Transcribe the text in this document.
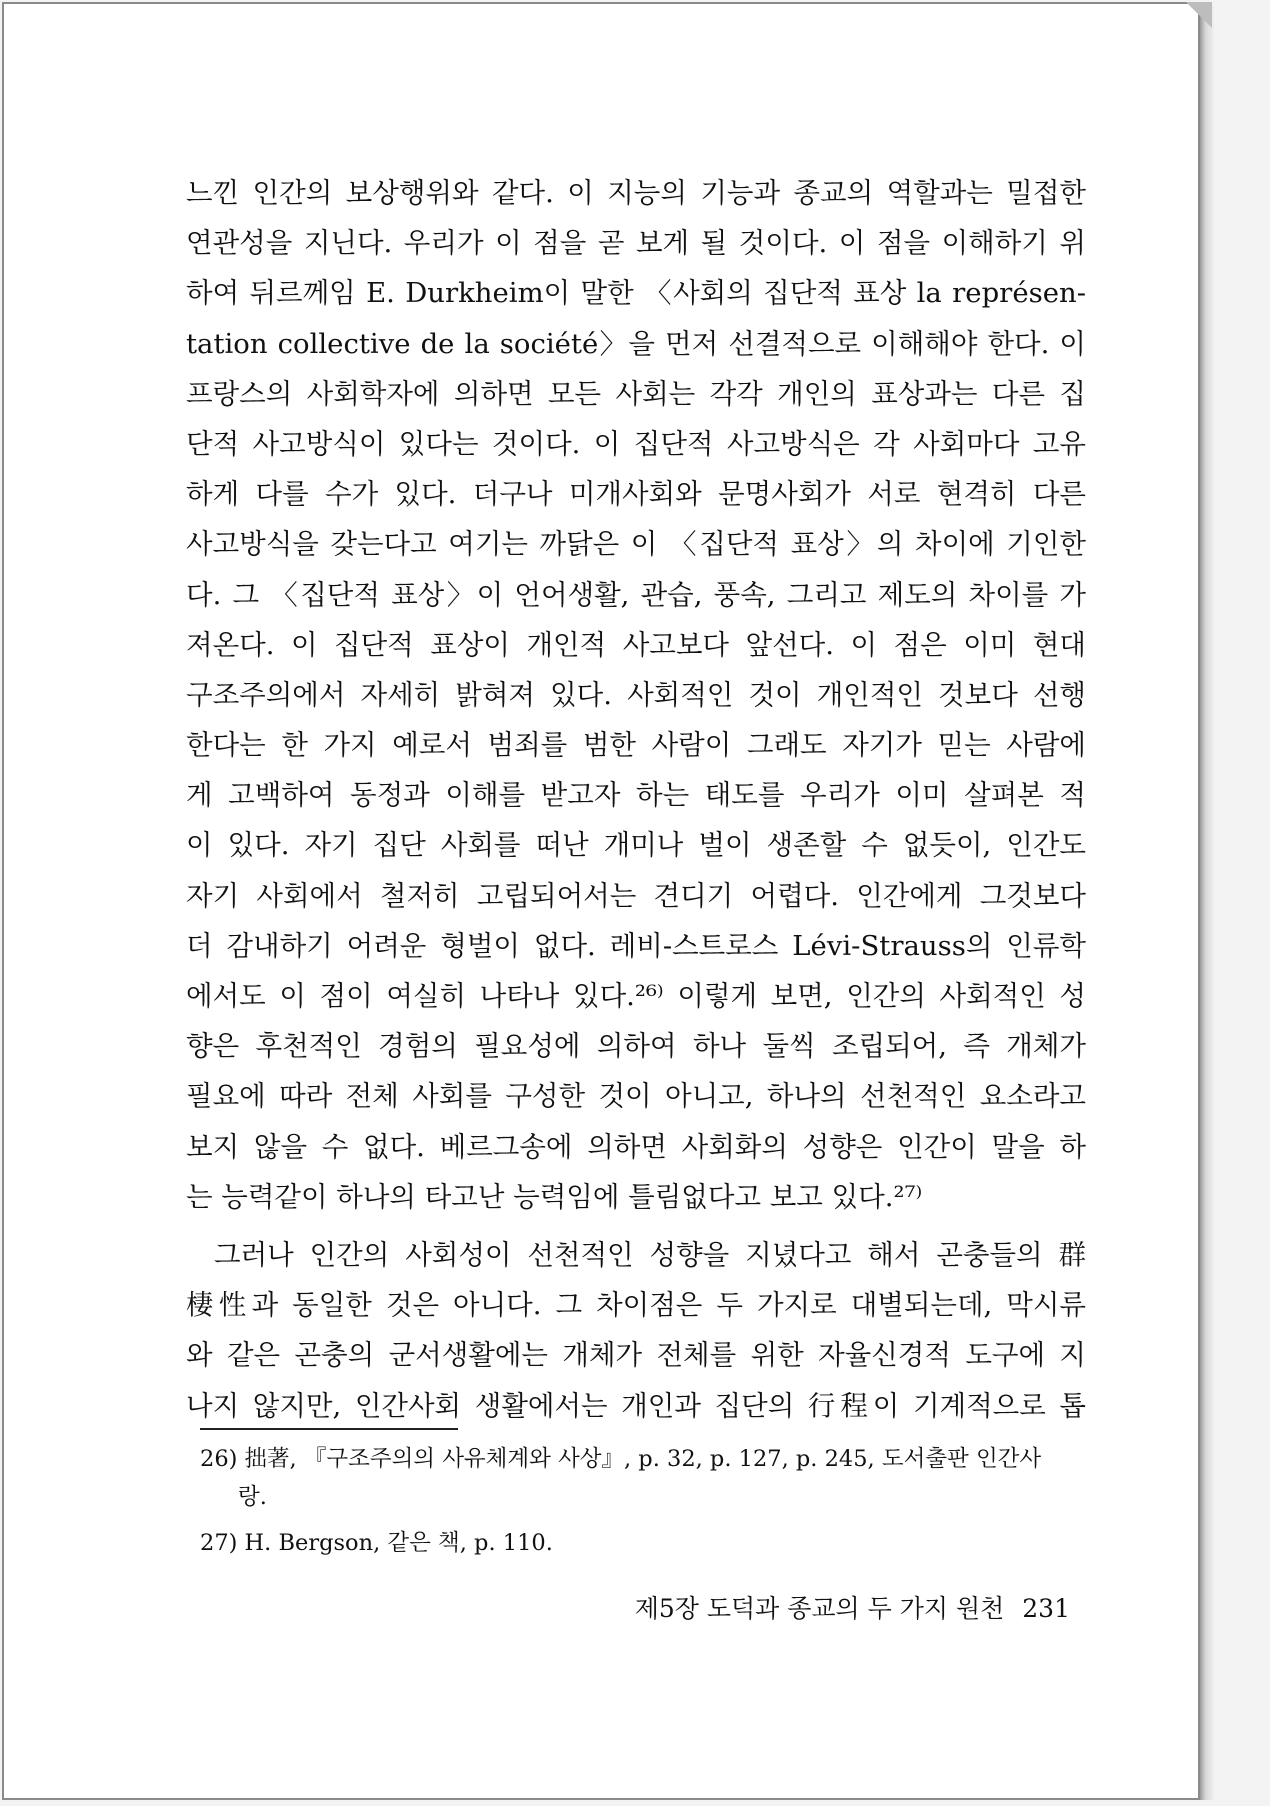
느낀 인간의 보상행위와 같다. 이 지능의 기능과 종교의 역할과는 밀접한
연관성을 지닌다. 우리가 이 점을 곧 보게 될 것이다. 이 점을 이해하기 위
하여 뒤르께임 E. Durkheim이 말한 〈사회의 집단적 표상 la représen-
tation collective de la société〉을 먼저 선결적으로 이해해야 한다. 이
프랑스의 사회학자에 의하면 모든 사회는 각각 개인의 표상과는 다른 집
단적 사고방식이 있다는 것이다. 이 집단적 사고방식은 각 사회마다 고유
하게 다를 수가 있다. 더구나 미개사회와 문명사회가 서로 현격히 다른
사고방식을 갖는다고 여기는 까닭은 이 〈집단적 표상〉의 차이에 기인한
다. 그 〈집단적 표상〉이 언어생활, 관습, 풍속, 그리고 제도의 차이를 가
져온다. 이 집단적 표상이 개인적 사고보다 앞선다. 이 점은 이미 현대
구조주의에서 자세히 밝혀져 있다. 사회적인 것이 개인적인 것보다 선행
한다는 한 가지 예로서 범죄를 범한 사람이 그래도 자기가 믿는 사람에
게 고백하여 동정과 이해를 받고자 하는 태도를 우리가 이미 살펴본 적
이 있다. 자기 집단 사회를 떠난 개미나 벌이 생존할 수 없듯이, 인간도
자기 사회에서 철저히 고립되어서는 견디기 어렵다. 인간에게 그것보다
더 감내하기 어려운 형벌이 없다. 레비-스트로스 Lévi-Strauss의 인류학
에서도 이 점이 여실히 나타나 있다.²⁶⁾ 이렇게 보면, 인간의 사회적인 성
향은 후천적인 경험의 필요성에 의하여 하나 둘씩 조립되어, 즉 개체가
필요에 따라 전체 사회를 구성한 것이 아니고, 하나의 선천적인 요소라고
보지 않을 수 없다. 베르그송에 의하면 사회화의 성향은 인간이 말을 하
는 능력같이 하나의 타고난 능력임에 틀림없다고 보고 있다.²⁷⁾
그러나 인간의 사회성이 선천적인 성향을 지녔다고 해서 곤충들의 群
棲性과 동일한 것은 아니다. 그 차이점은 두 가지로 대별되는데, 막시류
와 같은 곤충의 군서생활에는 개체가 전체를 위한 자율신경적 도구에 지
나지 않지만, 인간사회 생활에서는 개인과 집단의 行程이 기계적으로 톱
26) 拙著, 『구조주의의 사유체계와 사상』, p. 32, p. 127, p. 245, 도서출판 인간사
랑.
27) H. Bergson, 같은 책, p. 110.
제5장 도덕과 종교의 두 가지 원천 231
